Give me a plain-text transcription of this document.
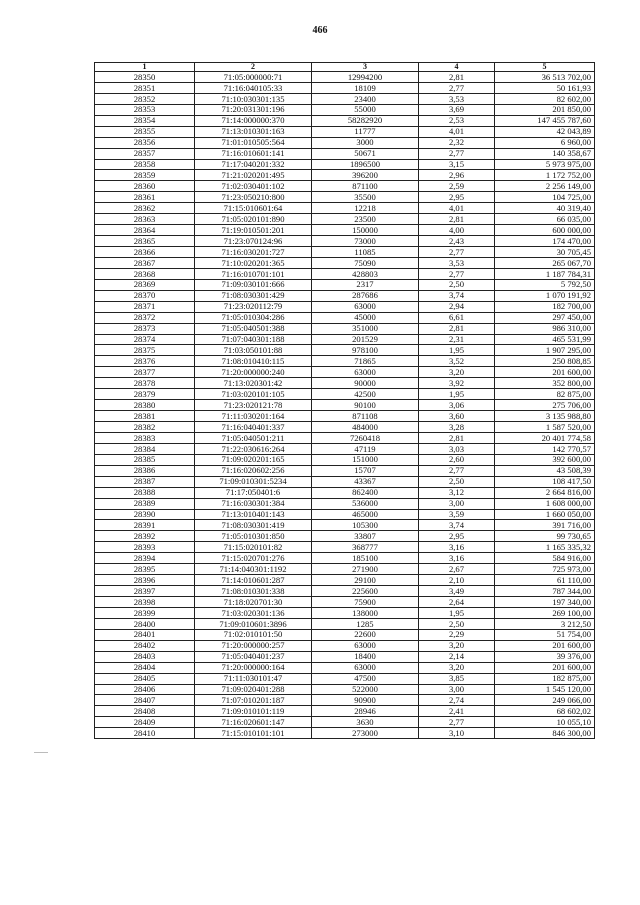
466
1	2	3	4	5
28350	71:05:000000:71	12994200	2,81	36 513 702,00
28351	71:16:040105:33	18109	2,77	50 161,93
28352	71:10:030301:135	23400	3,53	82 602,00
28353	71:20:031301:196	55000	3,69	201 850,00
28354	71:14:000000:370	58282920	2,53	147 455 787,60
28355	71:13:010301:163	11777	4,01	42 043,89
28356	71:01:010505:564	3000	2,32	6 960,00
28357	71:16:010601:141	50671	2,77	140 358,67
28358	71:17:040201:332	1896500	3,15	5 973 975,00
28359	71:21:020201:495	396200	2,96	1 172 752,00
28360	71:02:030401:102	871100	2,59	2 256 149,00
28361	71:23:050210:800	35500	2,95	104 725,00
28362	71:15:010601:64	12218	4,01	40 319,40
28363	71:05:020101:890	23500	2,81	66 035,00
28364	71:19:010501:201	150000	4,00	600 000,00
28365	71:23:070124:96	73000	2,43	174 470,00
28366	71:16:030201:727	11085	2,77	30 705,45
28367	71:10:020201:365	75090	3,53	265 067,70
28368	71:16:010701:101	428803	2,77	1 187 784,31
28369	71:09:030101:666	2317	2,50	5 792,50
28370	71:08:030301:429	287686	3,74	1 070 191,92
28371	71:23:020112:79	63000	2,94	182 700,00
28372	71:05:010304:286	45000	6,61	297 450,00
28373	71:05:040501:388	351000	2,81	986 310,00
28374	71:07:040301:188	201529	2,31	465 531,99
28375	71:03:050101:88	978100	1,95	1 907 295,00
28376	71:08:010410:115	71865	3,52	250 808,85
28377	71:20:000000:240	63000	3,20	201 600,00
28378	71:13:020301:42	90000	3,92	352 800,00
28379	71:03:020101:105	42500	1,95	82 875,00
28380	71:23:020121:78	90100	3,06	275 706,00
28381	71:11:030201:164	871108	3,60	3 135 988,80
28382	71:16:040401:337	484000	3,28	1 587 520,00
28383	71:05:040501:211	7260418	2,81	20 401 774,58
28384	71:22:030616:264	47119	3,03	142 770,57
28385	71:09:020201:165	151000	2,60	392 600,00
28386	71:16:020602:256	15707	2,77	43 508,39
28387	71:09:010301:5234	43367	2,50	108 417,50
28388	71:17:050401:6	862400	3,12	2 664 816,00
28389	71:16:030301:384	536000	3,00	1 608 000,00
28390	71:13:010401:143	465000	3,59	1 660 050,00
28391	71:08:030301:419	105300	3,74	391 716,00
28392	71:05:010301:850	33807	2,95	99 730,65
28393	71:15:020101:82	368777	3,16	1 165 335,32
28394	71:15:020701:276	185100	3,16	584 916,00
28395	71:14:040301:1192	271900	2,67	725 973,00
28396	71:14:010601:287	29100	2,10	61 110,00
28397	71:08:010301:338	225600	3,49	787 344,00
28398	71:18:020701:30	75900	2,64	197 340,00
28399	71:03:020301:136	138000	1,95	269 100,00
28400	71:09:010601:3896	1285	2,50	3 212,50
28401	71:02:010101:50	22600	2,29	51 754,00
28402	71:20:000000:257	63000	3,20	201 600,00
28403	71:05:040401:237	18400	2,14	39 376,00
28404	71:20:000000:164	63000	3,20	201 600,00
28405	71:11:030101:47	47500	3,85	182 875,00
28406	71:09:020401:288	522000	3,00	1 545 120,00
28407	71:07:010201:187	90900	2,74	249 066,00
28408	71:09:010101:119	28946	2,41	68 602,02
28409	71:16:020601:147	3630	2,77	10 055,10
28410	71:15:010101:101	273000	3,10	846 300,00
